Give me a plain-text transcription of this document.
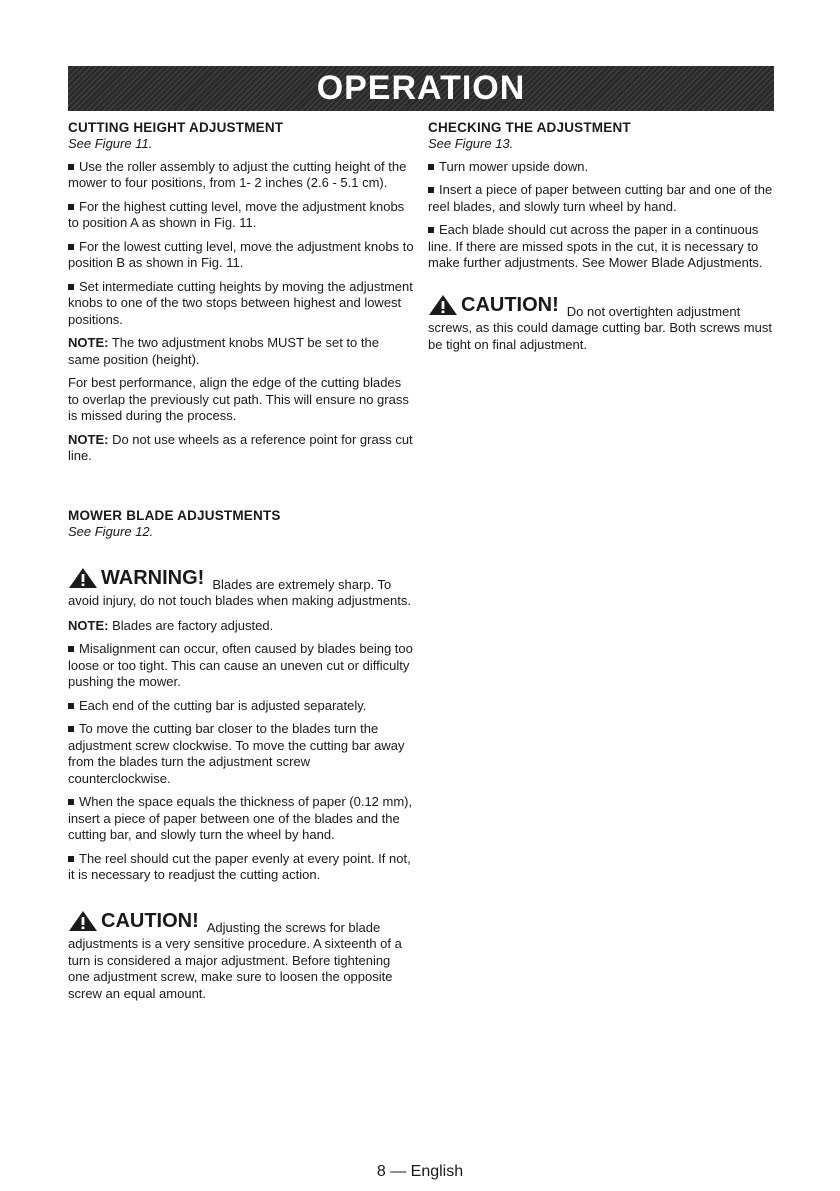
OPERATION
CUTTING HEIGHT ADJUSTMENT
See Figure 11.

Use the roller assembly to adjust the cutting height of the mower to four positions, from 1- 2 inches (2.6 - 5.1 cm).

For the highest cutting level, move the adjustment knobs to position A as shown in Fig. 11.

For the lowest cutting level, move the adjustment knobs to position B as shown in Fig. 11.

Set intermediate cutting heights by moving the adjustment knobs to one of the two stops between highest and lowest positions.

NOTE: The two adjustment knobs MUST be set to the same position (height).

For best performance, align the edge of the cutting blades to overlap the previously cut path. This will ensure no grass is missed during the process.

NOTE: Do not use wheels as a reference point for grass cut line.

MOWER BLADE ADJUSTMENTS
See Figure 12.
WARNING! Blades are extremely sharp. To avoid injury, do not touch blades when making adjustments.

NOTE: Blades are factory adjusted.

Misalignment can occur, often caused by blades being too loose or too tight. This can cause an uneven cut or difficulty pushing the mower.

Each end of the cutting bar is adjusted separately.

To move the cutting bar closer to the blades turn the adjustment screw clockwise. To move the cutting bar away from the blades turn the adjustment screw counterclockwise.

When the space equals the thickness of paper (0.12 mm), insert a piece of paper between one of the blades and the cutting bar, and slowly turn the wheel by hand.

The reel should cut the paper evenly at every point. If not, it is necessary to readjust the cutting action.

CAUTION! Adjusting the screws for blade adjustments is a very sensitive procedure. A sixteenth of a turn is considered a major adjustment. Before tightening one adjustment screw, make sure to loosen the opposite screw an equal amount.
CHECKING THE ADJUSTMENT
See Figure 13.

Turn mower upside down.

Insert a piece of paper between cutting bar and one of the reel blades, and slowly turn wheel by hand.

Each blade should cut across the paper in a continuous line. If there are missed spots in the cut, it is necessary to make further adjustments. See Mower Blade Adjustments.

CAUTION! Do not overtighten adjustment screws, as this could damage cutting bar. Both screws must be tight on final adjustment.
8 — English
